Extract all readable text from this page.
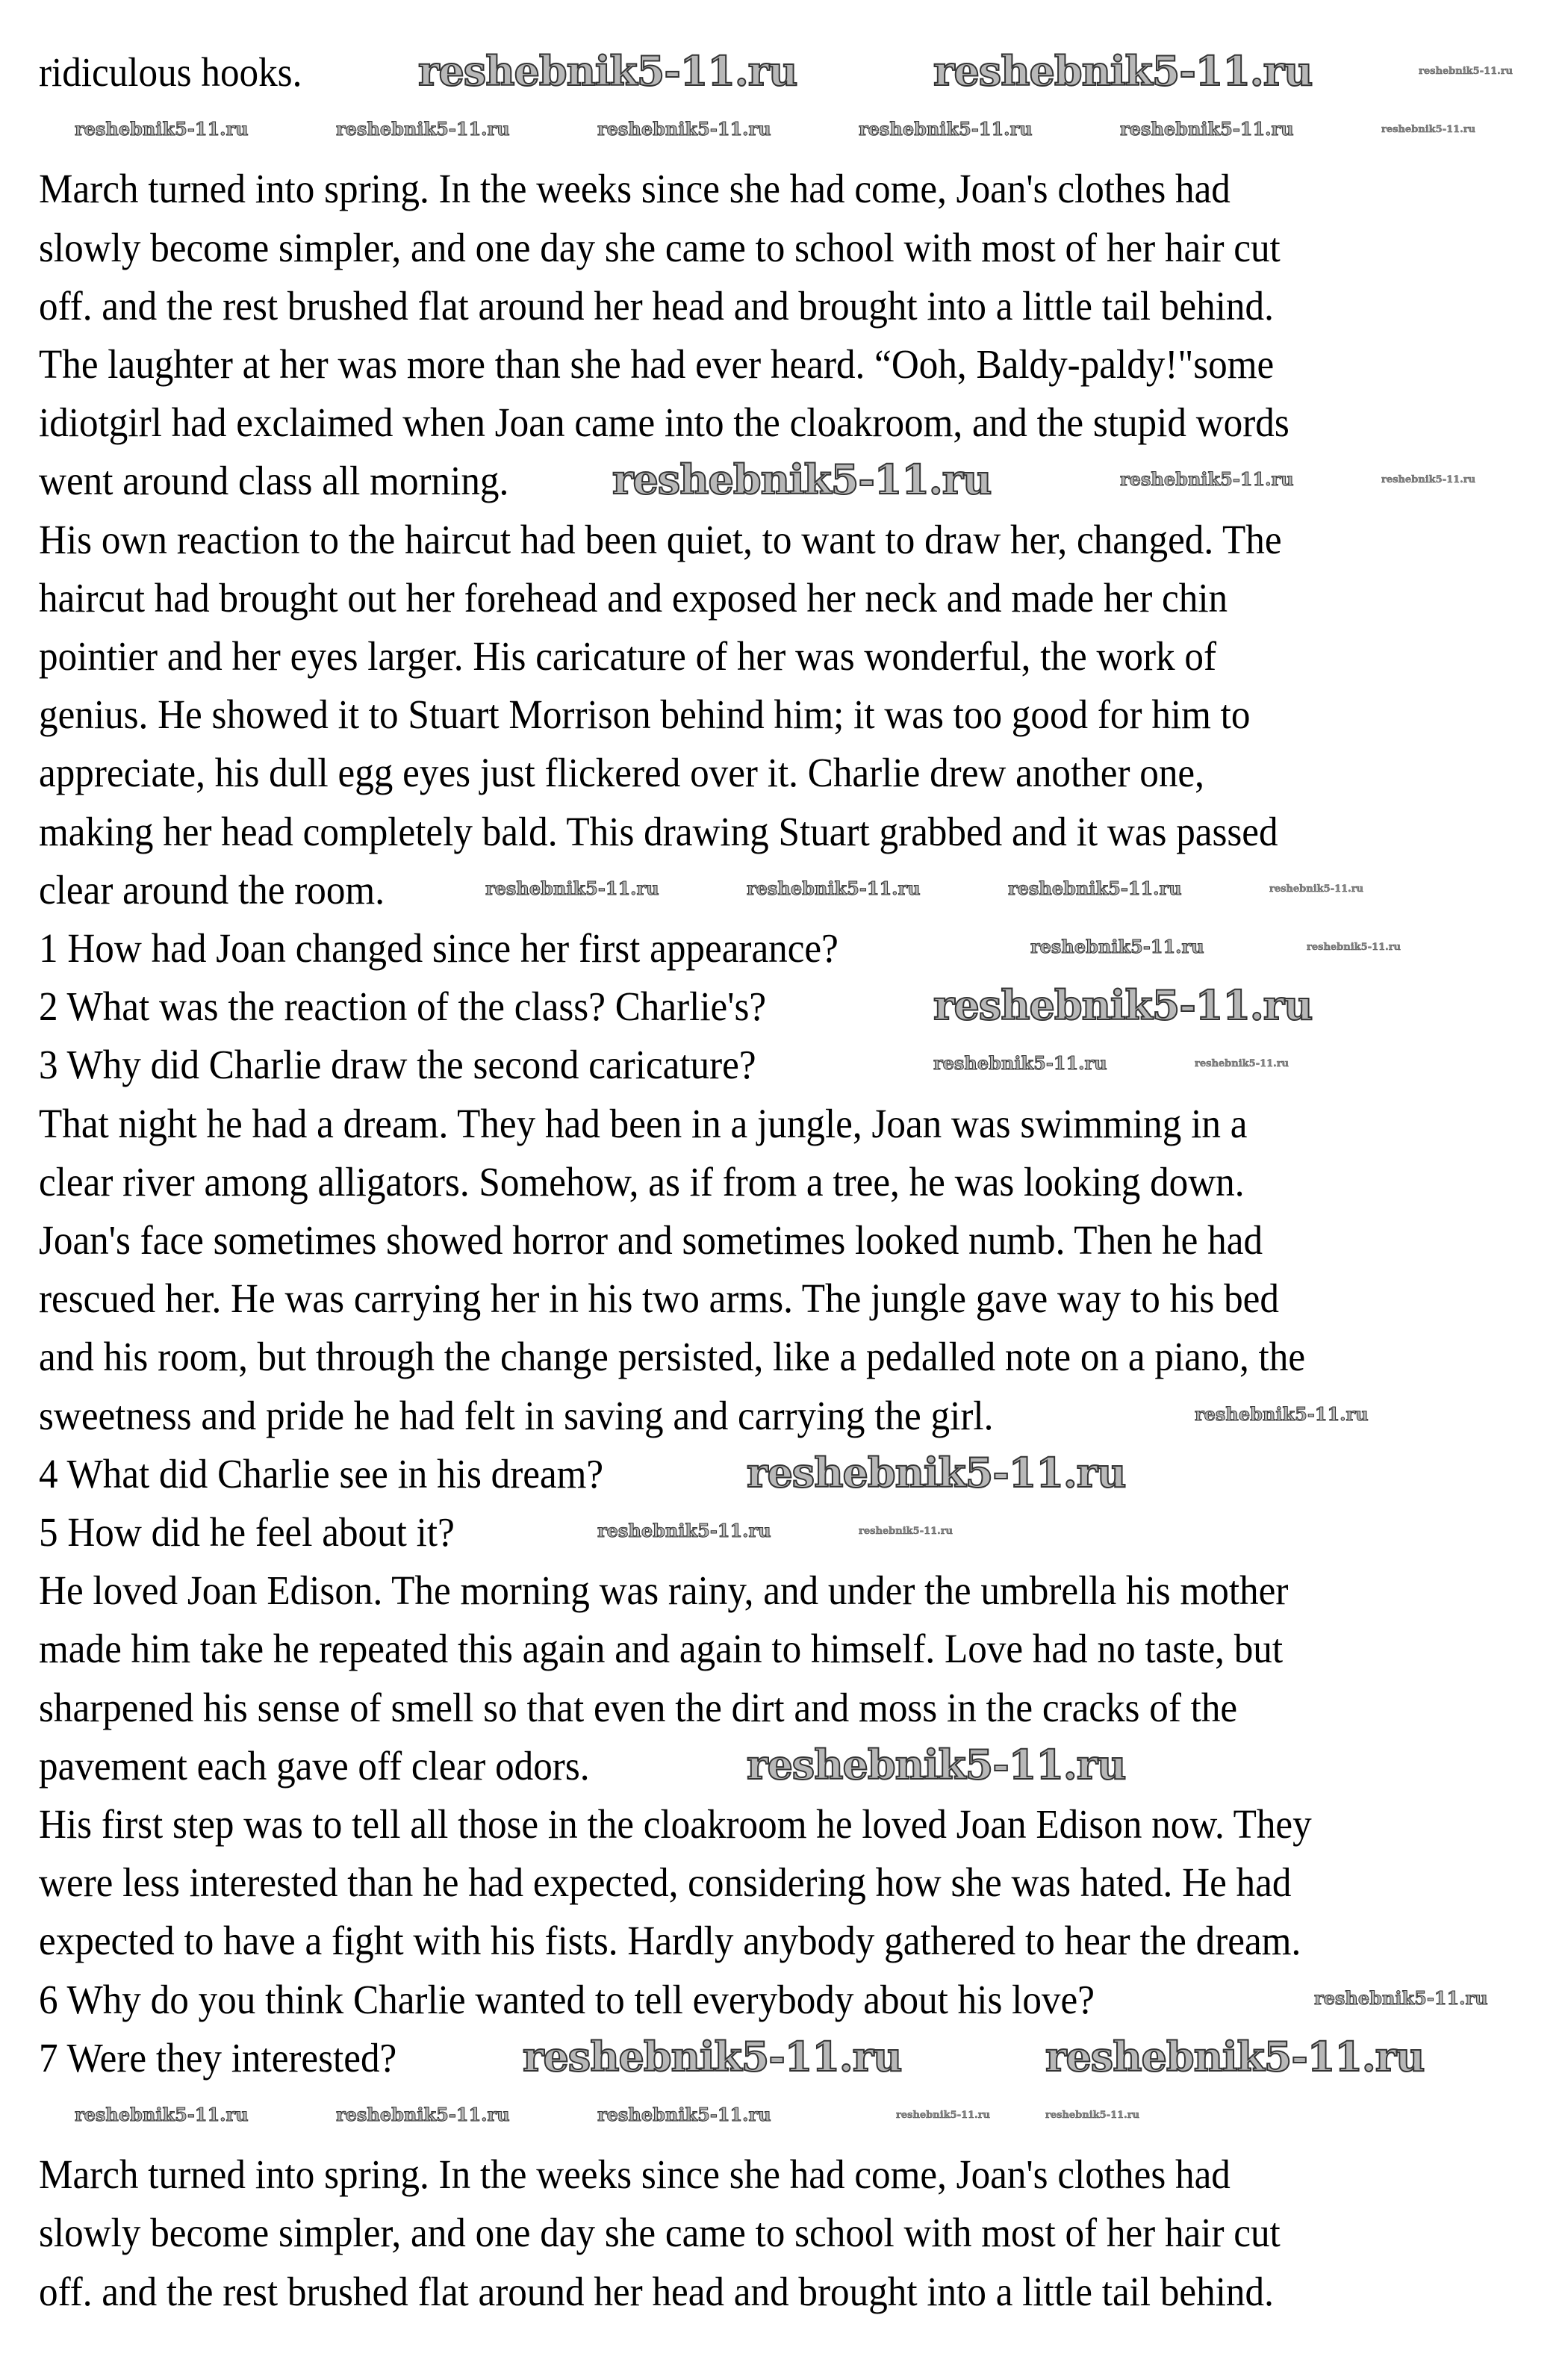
ridiculous hooks.
March turned into spring. In the weeks since she had come, Joan's clothes had
slowly become simpler, and one day she came to school with most of her hair cut
off. and the rest brushed flat around her head and brought into a little tail behind.
The laughter at her was more than she had ever heard. “Ooh, Baldy-paldy!"some
idiotgirl had exclaimed when Joan came into the cloakroom, and the stupid words
went around class all morning.
His own reaction to the haircut had been quiet, to want to draw her, changed. The
haircut had brought out her forehead and exposed her neck and made her chin
pointier and her eyes larger. His caricature of her was wonderful, the work of
genius. He showed it to Stuart Morrison behind him; it was too good for him to
appreciate, his dull egg eyes just flickered over it. Charlie drew another one,
making her head completely bald. This drawing Stuart grabbed and it was passed
clear around the room.
1 How had Joan changed since her first appearance?
2 What was the reaction of the class? Charlie's?
3 Why did Charlie draw the second caricature?
That night he had a dream. They had been in a jungle, Joan was swimming in a
clear river among alligators. Somehow, as if from a tree, he was looking down.
Joan's face sometimes showed horror and sometimes looked numb. Then he had
rescued her. He was carrying her in his two arms. The jungle gave way to his bed
and his room, but through the change persisted, like a pedalled note on a piano, the
sweetness and pride he had felt in saving and carrying the girl.
4 What did Charlie see in his dream?
5 How did he feel about it?
He loved Joan Edison. The morning was rainy, and under the umbrella his mother
made him take he repeated this again and again to himself. Love had no taste, but
sharpened his sense of smell so that even the dirt and moss in the cracks of the
pavement each gave off clear odors.
His first step was to tell all those in the cloakroom he loved Joan Edison now. They
were less interested than he had expected, considering how she was hated. He had
expected to have a fight with his fists. Hardly anybody gathered to hear the dream.
6 Why do you think Charlie wanted to tell everybody about his love?
7 Were they interested?
March turned into spring. In the weeks since she had come, Joan's clothes had
slowly become simpler, and one day she came to school with most of her hair cut
off. and the rest brushed flat around her head and brought into a little tail behind.
reshebnik5-11.ru	reshebnik5-11.ru	reshebnik5-11.ru
reshebnik5-11.ru	reshebnik5-11.ru	reshebnik5-11.ru	reshebnik5-11.ru	reshebnik5-11.ru	reshebnik5-11.ru
reshebnik5-11.ru	reshebnik5-11.ru	reshebnik5-11.ru
reshebnik5-11.ru	reshebnik5-11.ru	reshebnik5-11.ru	reshebnik5-11.ru
reshebnik5-11.ru	reshebnik5-11.ru
reshebnik5-11.ru
reshebnik5-11.ru	reshebnik5-11.ru
reshebnik5-11.ru
reshebnik5-11.ru
reshebnik5-11.ru	reshebnik5-11.ru
reshebnik5-11.ru
reshebnik5-11.ru
reshebnik5-11.ru	reshebnik5-11.ru
reshebnik5-11.ru	reshebnik5-11.ru	reshebnik5-11.ru	reshebnik5-11.ru	reshebnik5-11.ru
